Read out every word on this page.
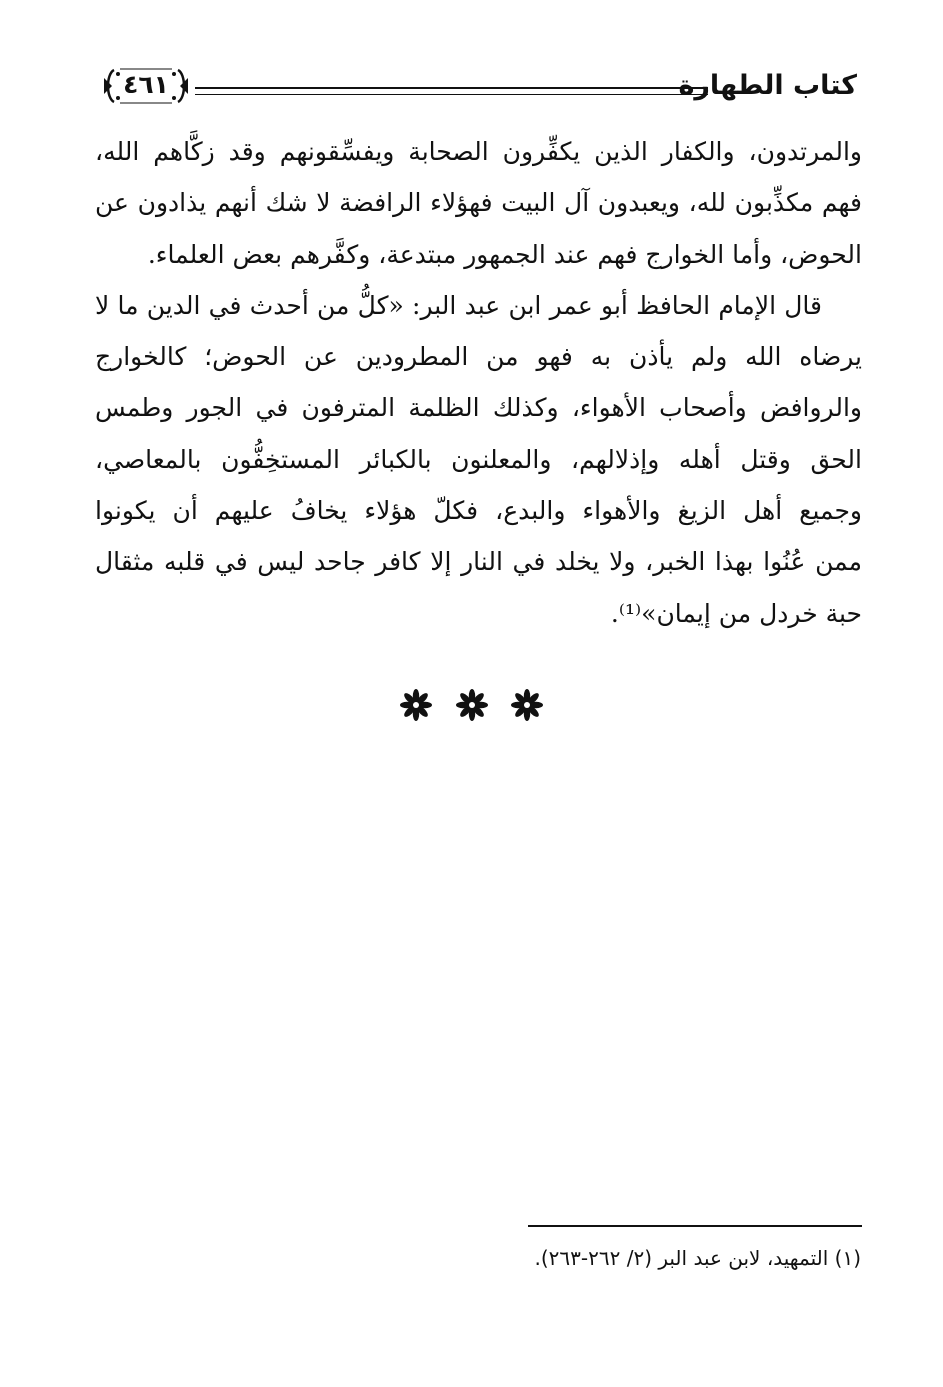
كتاب الطهارة
٤٦١
والمرتدون، والكفار الذين يكفِّرون الصحابة ويفسِّقونهم وقد زكَّاهم الله،
فهم مكذِّبون لله، ويعبدون آل البيت فهؤلاء الرافضة لا شك أنهم يذادون عن
الحوض، وأما الخوارج فهم عند الجمهور مبتدعة، وكفَّرهم بعض العلماء.
قال الإمام الحافظ أبو عمر ابن عبد البر: «كلُّ من أحدث في الدين ما لا
يرضاه الله ولم يأذن به فهو من المطرودين عن الحوض؛ كالخوارج
والروافض وأصحاب الأهواء، وكذلك الظلمة المترفون في الجور وطمس
الحق وقتل أهله وإذلالهم، والمعلنون بالكبائر المستخِفُّون بالمعاصي،
وجميع أهل الزيغ والأهواء والبدع، فكلّ هؤلاء يخافُ عليهم أن يكونوا
ممن عُنُوا بهذا الخبر، ولا يخلد في النار إلا كافر جاحد ليس في قلبه مثقال
حبة خردل من إيمان»⁽¹⁾.

(١) التمهيد، لابن عبد البر (٢/ ٢٦٢-٢٦٣).
